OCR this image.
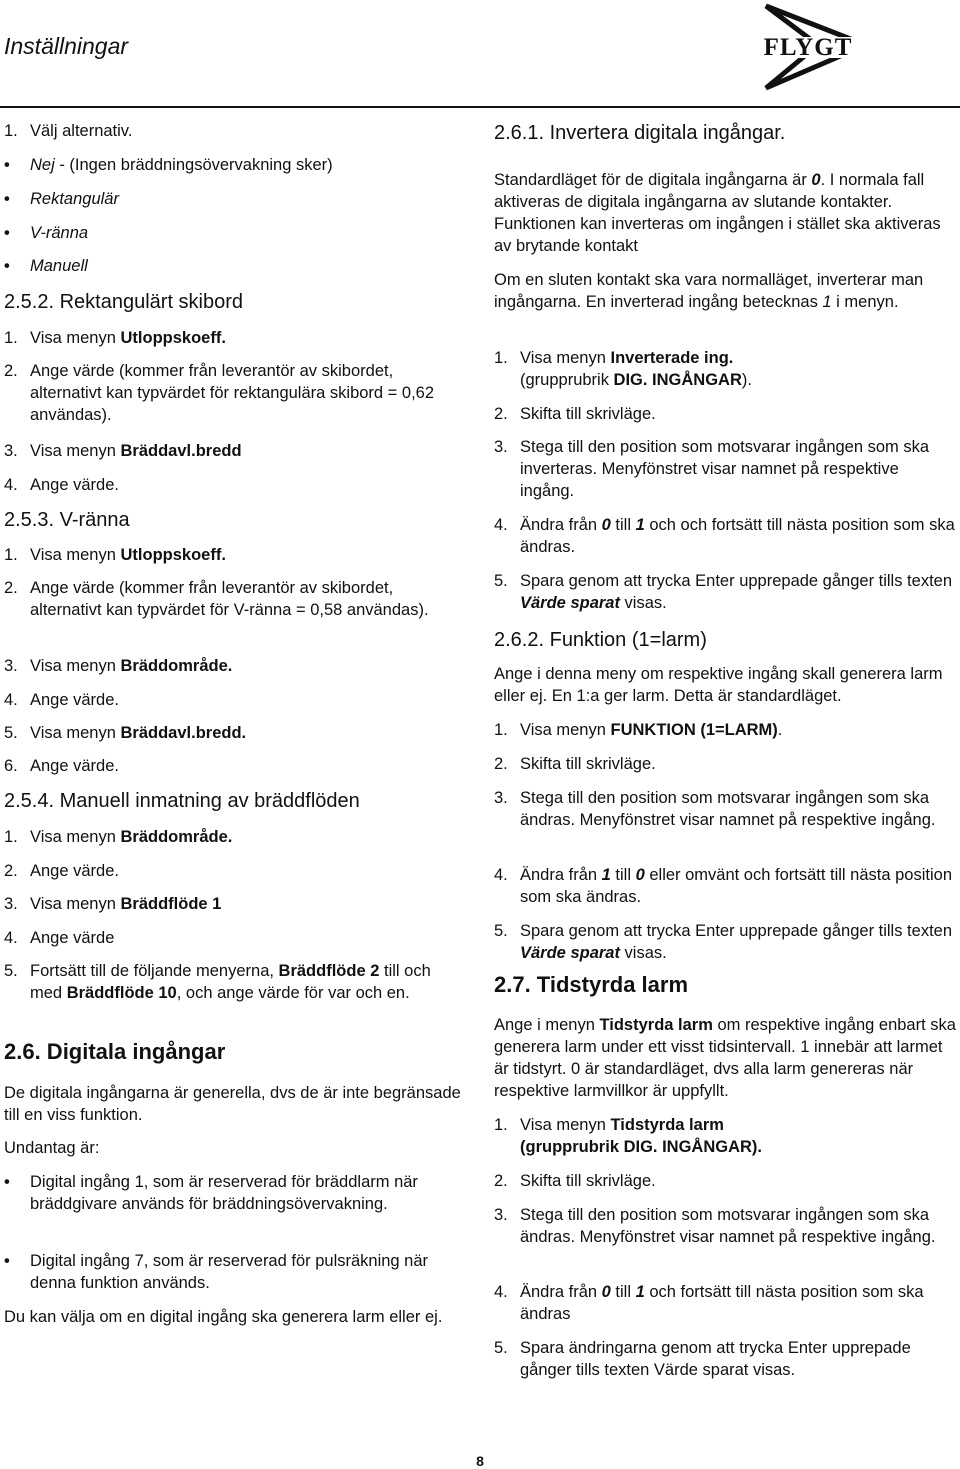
Inställningar	FLYGT
1. Välj alternativ.
•	Nej - (Ingen bräddningsövervakning sker)
•	Rektangulär
•	V-ränna
•	Manuell
2.5.2. Rektangulärt skibord
1. Visa menyn Utloppskoeff.
2. Ange värde (kommer från leverantör av skibordet, alternativt kan typvärdet för rektangulära skibord = 0,62 användas).
3. Visa menyn Bräddavl.bredd
4. Ange värde.
2.5.3. V-ränna
1. Visa menyn Utloppskoeff.
2. Ange värde (kommer från leverantör av skibordet, alternativt kan typvärdet för V-ränna = 0,58 användas).
3. Visa menyn Bräddområde.
4. Ange värde.
5. Visa menyn Bräddavl.bredd.
6. Ange värde.
2.5.4. Manuell inmatning av bräddflöden
1. Visa menyn Bräddområde.
2. Ange värde.
3. Visa menyn Bräddflöde 1
4. Ange värde
5. Fortsätt till de följande menyerna, Bräddflöde 2 till och med Bräddflöde 10, och ange värde för var och en.
2.6. Digitala ingångar
De digitala ingångarna är generella, dvs de är inte begränsade till en viss funktion.
Undantag är:
•	Digital ingång 1, som är reserverad för bräddlarm när bräddgivare används för bräddningsövervakning.
•	Digital ingång 7, som är reserverad för pulsräkning när denna funktion används.
Du kan välja om en digital ingång ska generera larm eller ej.
2.6.1. Invertera digitala ingångar.
Standardläget för de digitala ingångarna är 0. I normala fall aktiveras de digitala ingångarna av slutande kontakter. Funktionen kan inverteras om ingången i stället ska aktiveras av brytande kontakt
Om en sluten kontakt ska vara normalläget, inverterar man ingångarna. En inverterad ingång betecknas 1 i menyn.
1. Visa menyn Inverterade ing.
(grupprubrik DIG. INGÅNGAR).
2. Skifta till skrivläge.
3. Stega till den position som motsvarar ingången som ska inverteras. Menyfönstret visar namnet på respektive ingång.
4. Ändra från 0 till 1 och och fortsätt till nästa position som ska ändras.
5. Spara genom att trycka Enter upprepade gånger tills texten Värde sparat visas.
2.6.2. Funktion (1=larm)
Ange i denna meny om respektive ingång skall generera larm eller ej. En 1:a ger larm. Detta är standardläget.
1. Visa menyn FUNKTION (1=LARM).
2. Skifta till skrivläge.
3. Stega till den position som motsvarar ingången som ska ändras. Menyfönstret visar namnet på respektive ingång.
4. Ändra från 1 till 0 eller omvänt och fortsätt till nästa position som ska ändras.
5. Spara genom att trycka Enter upprepade gånger tills texten Värde sparat visas.
2.7. Tidstyrda larm
Ange i menyn Tidstyrda larm om respektive ingång enbart ska generera larm under ett visst tidsintervall. 1 innebär att larmet är tidstyrt. 0 är standardläget, dvs alla larm genereras när respektive larmvillkor är uppfyllt.
1. Visa menyn Tidstyrda larm
(grupprubrik DIG. INGÅNGAR).
2. Skifta till skrivläge.
3. Stega till den position som motsvarar ingången som ska ändras. Menyfönstret visar namnet på respektive ingång.
4. Ändra från 0 till 1 och fortsätt till nästa position som ska ändras
5. Spara ändringarna genom att trycka Enter upprepade gånger tills texten Värde sparat visas.
8
